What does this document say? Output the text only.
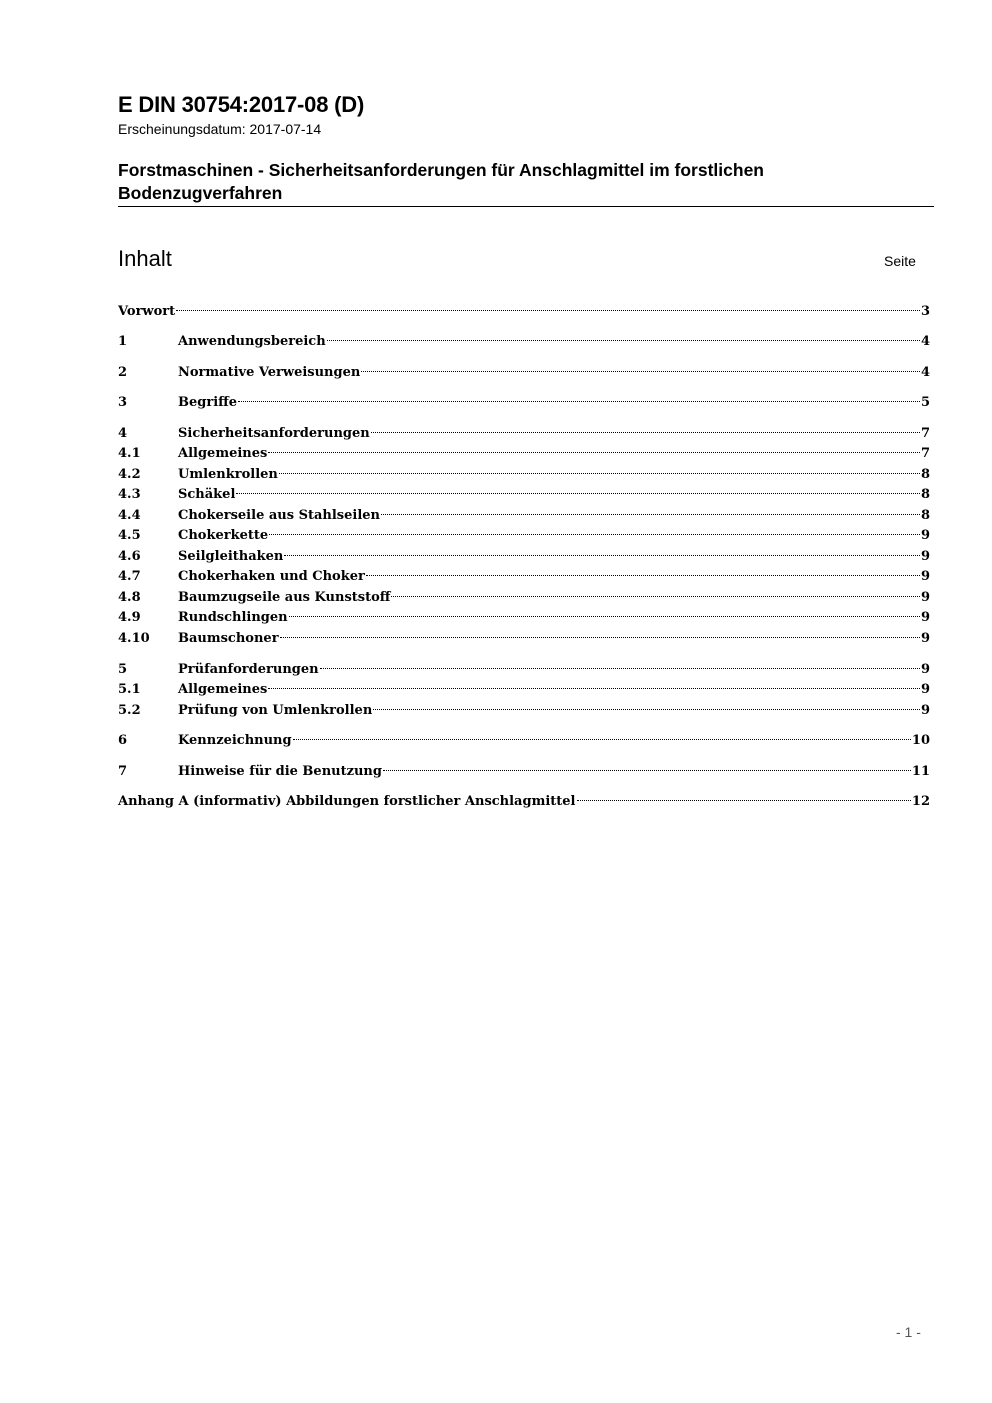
E DIN 30754:2017-08 (D)
Erscheinungsdatum: 2017-07-14
Forstmaschinen - Sicherheitsanforderungen für Anschlagmittel im forstlichen Bodenzugverfahren
Inhalt	Seite
Vorwort	3
1	Anwendungsbereich	4
2	Normative Verweisungen	4
3	Begriffe	5
4	Sicherheitsanforderungen	7
4.1	Allgemeines	7
4.2	Umlenkrollen	8
4.3	Schäkel	8
4.4	Chokerseile aus Stahlseilen	8
4.5	Chokerkette	9
4.6	Seilgleithaken	9
4.7	Chokerhaken und Choker	9
4.8	Baumzugseile aus Kunststoff	9
4.9	Rundschlingen	9
4.10	Baumschoner	9
5	Prüfanforderungen	9
5.1	Allgemeines	9
5.2	Prüfung von Umlenkrollen	9
6	Kennzeichnung	10
7	Hinweise für die Benutzung	11
Anhang A (informativ) Abbildungen forstlicher Anschlagmittel	12
- 1 -
